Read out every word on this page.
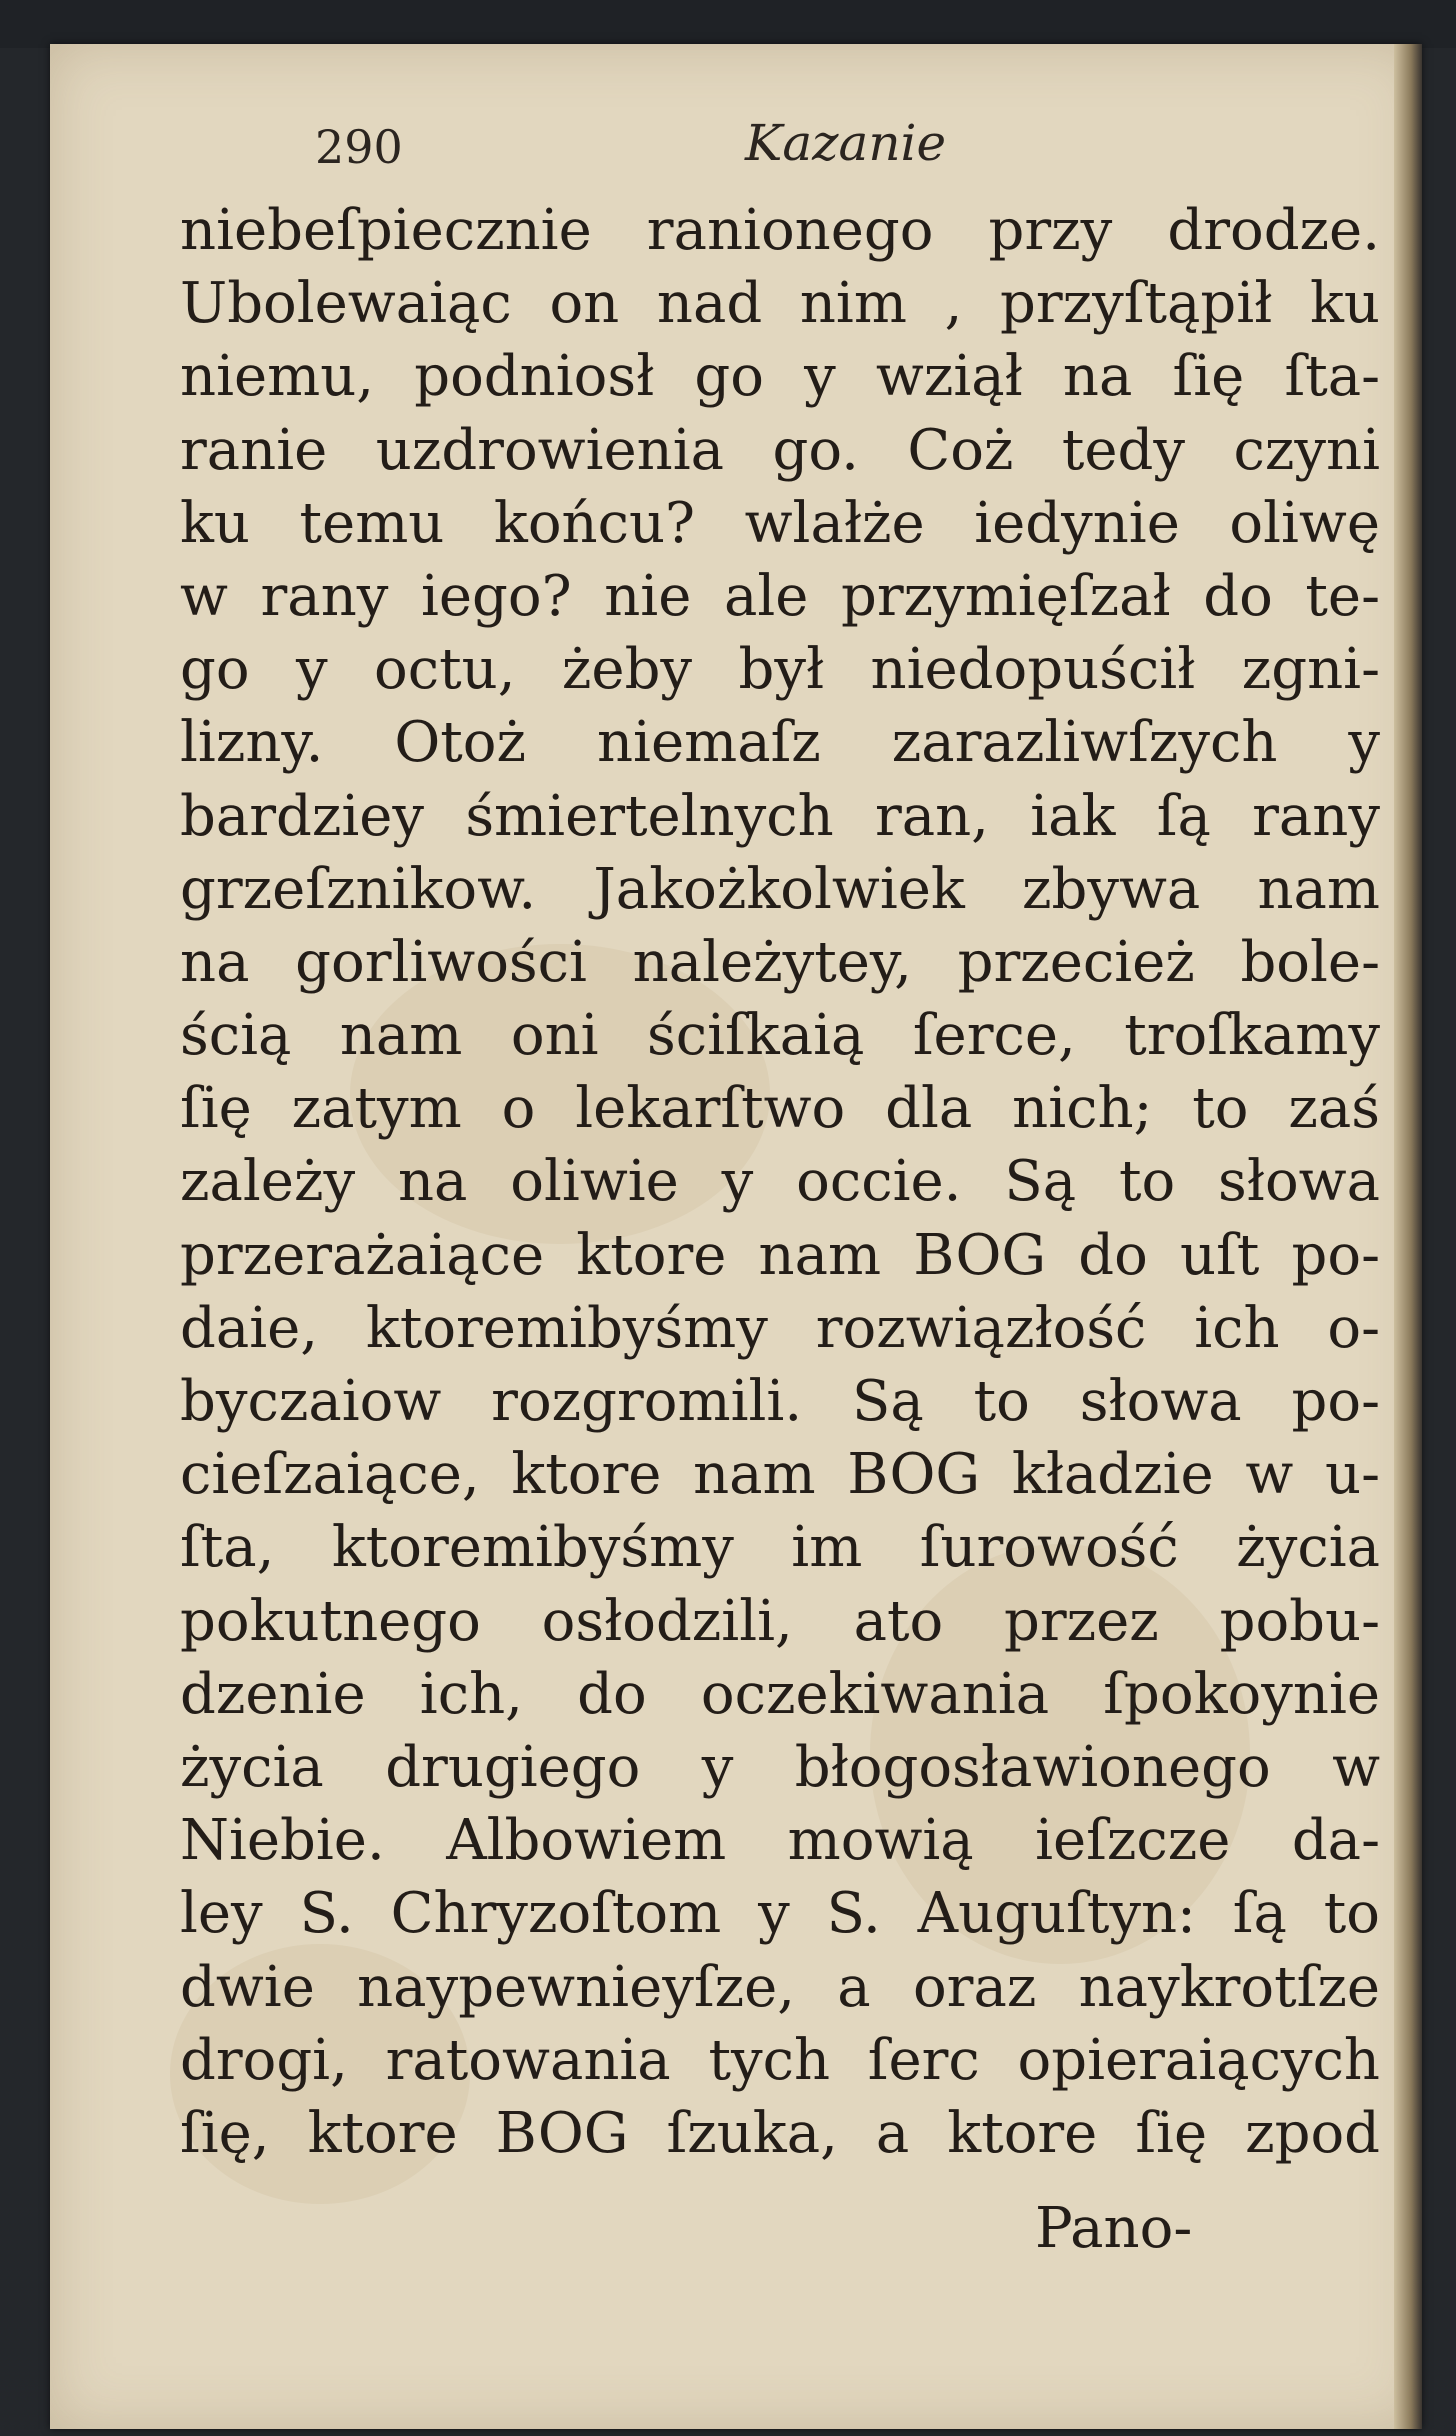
290	Kazanie
niebeſpiecznie ranionego przy drodze.
Ubolewaiąc on nad nim , przyſtąpił ku
niemu, podniosł go y wziął na ſię ſta-
ranie uzdrowienia go. Coż tedy czyni
ku temu końcu? wlałże iedynie oliwę
w rany iego? nie ale przymięſzał do te-
go y octu, żeby był niedopuścił zgni-
lizny. Otoż niemaſz zarazliwſzych y
bardziey śmiertelnych ran, iak ſą rany
grzeſznikow. Jakożkolwiek zbywa nam
na gorliwości należytey, przecież bole-
ścią nam oni ściſkaią ſerce, troſkamy
ſię zatym o lekarſtwo dla nich; to zaś
zależy na oliwie y occie. Są to słowa
przerażaiące ktore nam BOG do uſt po-
daie, ktoremibyśmy rozwiązłość ich o-
byczaiow rozgromili. Są to słowa po-
cieſzaiące, ktore nam BOG kładzie w u-
ſta, ktoremibyśmy im ſurowość życia
pokutnego osłodzili, ato przez pobu-
dzenie ich, do oczekiwania ſpokoynie
życia drugiego y błogosławionego w
Niebie. Albowiem mowią ieſzcze da-
ley S. Chryzoſtom y S. Auguſtyn: ſą to
dwie naypewnieyſze, a oraz naykrotſze
drogi, ratowania tych ſerc opieraiących
ſię, ktore BOG ſzuka, a ktore ſię zpod
Pano-
